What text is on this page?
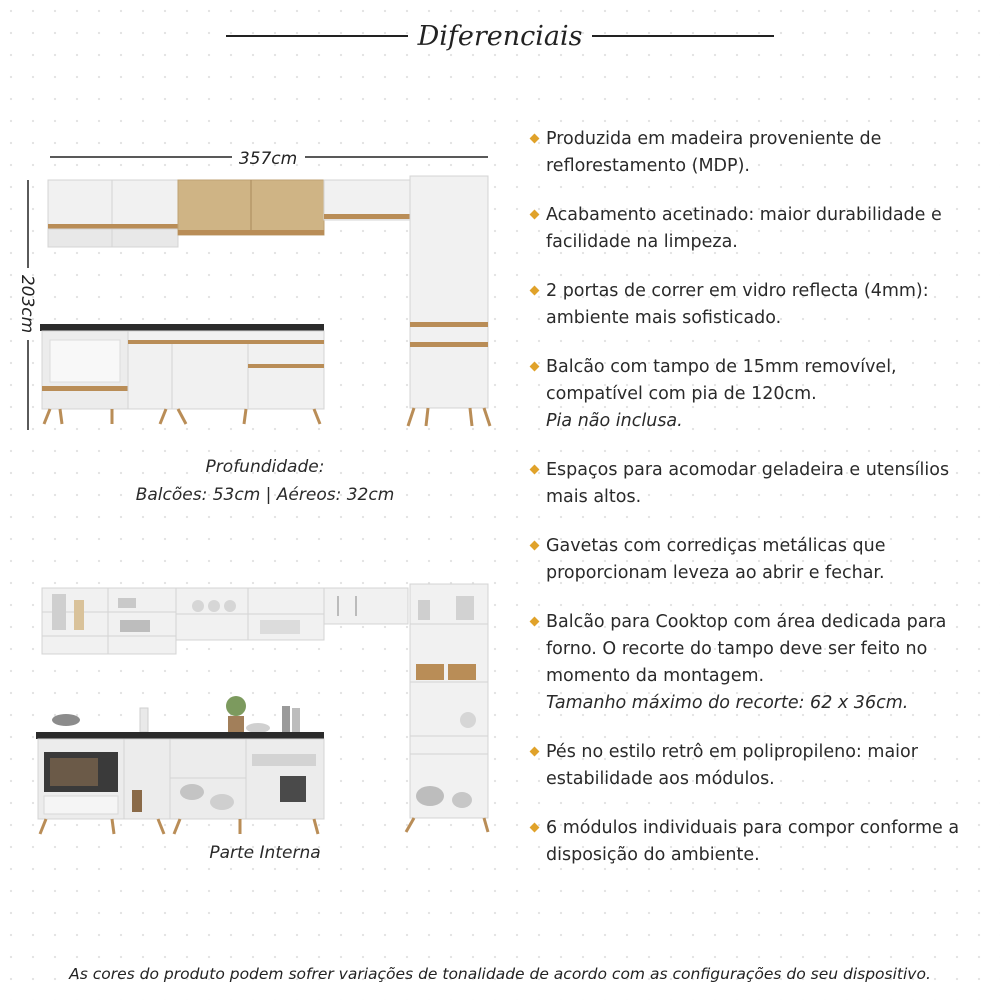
Diferenciais
357cm
203cm
Profundidade:
Balcões: 53cm | Aéreos: 32cm
Parte Interna
Produzida em madeira proveniente de reflorestamento (MDP).
Acabamento acetinado: maior durabilidade e facilidade na limpeza.
2 portas de correr em vidro reflecta (4mm): ambiente mais sofisticado.
Balcão com tampo de 15mm removível, compatível com pia de 120cm.
Pia não inclusa.
Espaços para acomodar geladeira e utensílios mais altos.
Gavetas com corrediças metálicas que proporcionam leveza ao abrir e fechar.
Balcão para Cooktop com área dedicada para forno. O recorte do tampo deve ser feito no momento da montagem.
Tamanho máximo do recorte: 62 x 36cm.
Pés no estilo retrô em polipropileno: maior estabilidade aos módulos.
6 módulos individuais para compor conforme a disposição do ambiente.
As cores do produto podem sofrer variações de tonalidade de acordo com as configurações do seu dispositivo.
